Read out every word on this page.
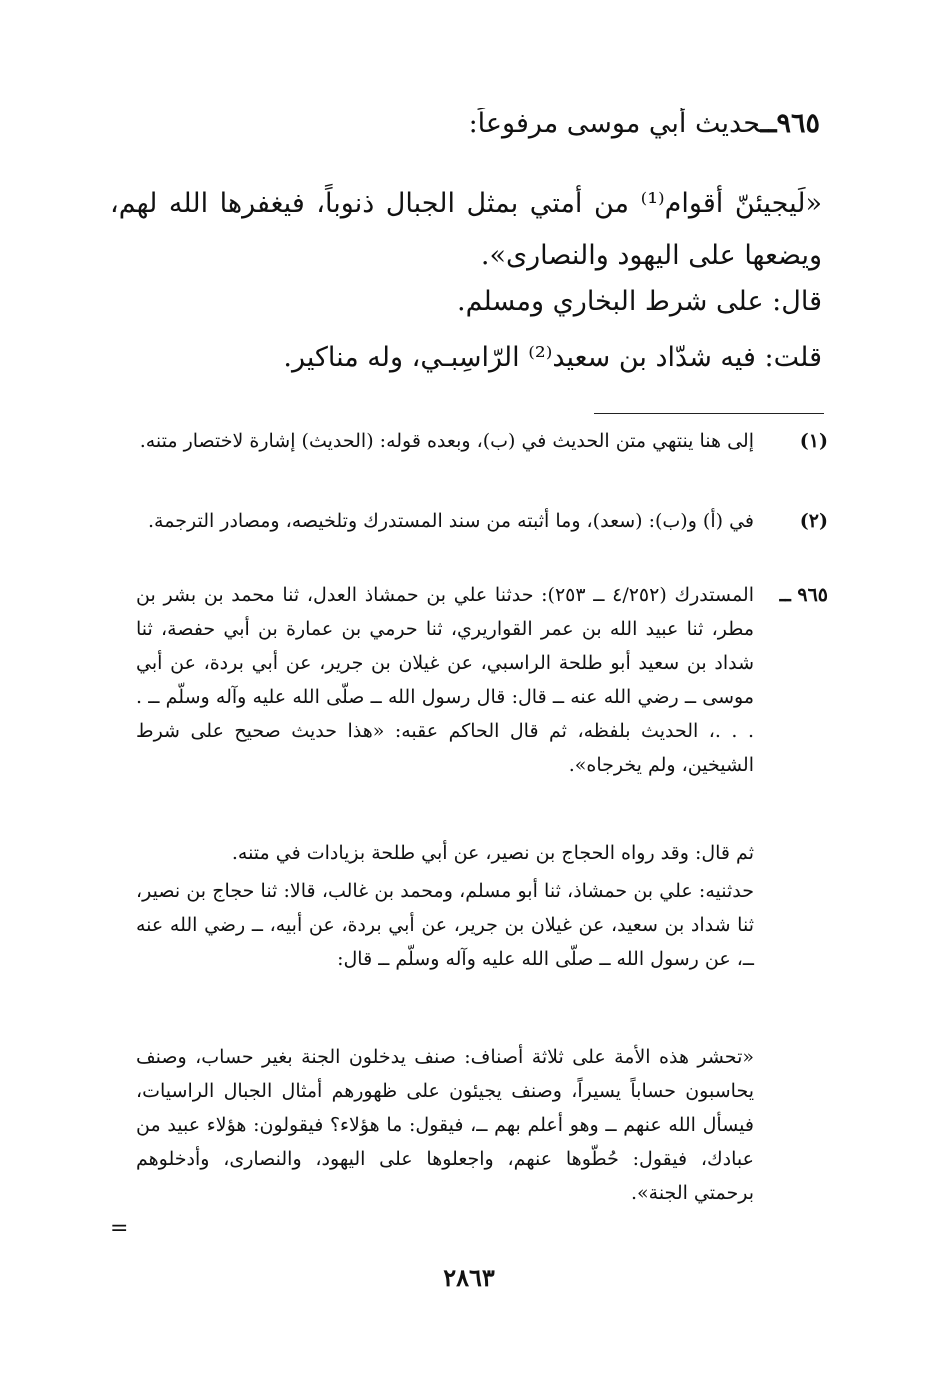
٩٦٥ــحديث أبي موسى مرفوعاً:
«لَيجيئنّ أقوام⁽¹⁾ من أمتي بمثل الجبال ذنوباً، فيغفرها الله لهم، ويضعها على اليهود والنصارى».
قال: على شرط البخاري ومسلم.
قلت: فيه شدّاد بن سعيد⁽²⁾ الرّاسِبـي، وله مناكير.
(١)
إلى هنا ينتهي متن الحديث في (ب)، وبعده قوله: (الحديث) إشارة لاختصار متنه.
(٢)
في (أ) و(ب): (سعد)، وما أثبته من سند المستدرك وتلخيصه، ومصادر الترجمة.
٩٦٥ ــ
المستدرك (٤/٢٥٢ ــ ٢٥٣): حدثنا علي بن حمشاذ العدل، ثنا محمد بن بشر بن مطر، ثنا عبيد الله بن عمر القواريري، ثنا حرمي بن عمارة بن أبي حفصة، ثنا شداد بن سعيد أبو طلحة الراسبي، عن غيلان بن جرير، عن أبي بردة، عن أبي موسى ــ رضي الله عنه ــ قال: قال رسول الله ــ صلّى الله عليه وآله وسلّم ــ . . . .، الحديث بلفظه، ثم قال الحاكم عقبه: «هذا حديث صحيح على شرط الشيخين، ولم يخرجاه».
ثم قال: وقد رواه الحجاج بن نصير، عن أبي طلحة بزيادات في متنه.
حدثنيه: علي بن حمشاذ، ثنا أبو مسلم، ومحمد بن غالب، قالا: ثنا حجاج بن نصير، ثنا شداد بن سعيد، عن غيلان بن جرير، عن أبي بردة، عن أبيه، ــ رضي الله عنه ــ، عن رسول الله ــ صلّى الله عليه وآله وسلّم ــ قال:
«تحشر هذه الأمة على ثلاثة أصناف: صنف يدخلون الجنة بغير حساب، وصنف يحاسبون حساباً يسيراً، وصنف يجيئون على ظهورهم أمثال الجبال الراسيات، فيسأل الله عنهم ــ وهو أعلم بهم ــ، فيقول: ما هؤلاء؟ فيقولون: هؤلاء عبيد من عبادك، فيقول: حُطّوها عنهم، واجعلوها على اليهود، والنصارى، وأدخلوهم برحمتي الجنة».
=
٢٨٦٣
